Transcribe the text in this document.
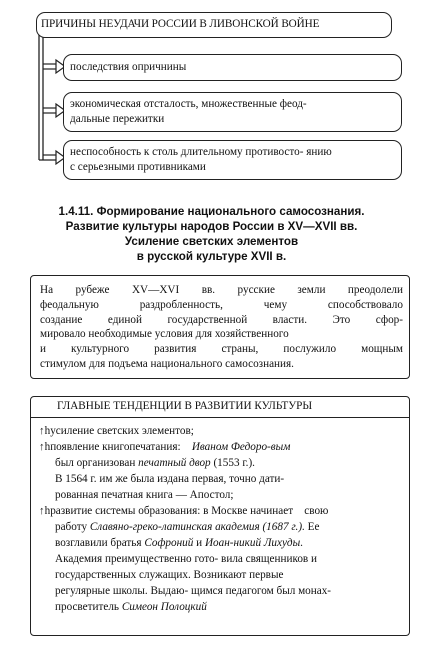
ПРИЧИНЫ НЕУДАЧИ РОССИИ В ЛИВОНСКОЙ ВОЙНЕ
последствия опричнины
экономическая отсталость, множественные феод-
дальные пережитки
неспособность к столь длительному противосто- янию
с серьезными противниками
1.4.11. Формирование национального самосознания.
Развитие культуры народов России в XV—XVII вв.
Усиление светских элементов
в русской культуре XVII в.
На рубеже XV—XVI вв. русские земли преодолели
феодальную раздробленность, чему способствовало
создание единой государственной власти. Это сфор-
мировало необходимые условия для хозяйственного
и культурного развития страны, послужило мощным
стимулом для подъема национального самосознания.
ГЛАВНЫЕ ТЕНДЕНЦИИ В РАЗВИТИИ КУЛЬТУРЫ
↑hусиление светских элементов;
↑hпоявление книгопечатания: Иваном Федоро-вым
был организован печатный двор (1553 г.).
В 1564 г. им же была издана первая, точно дати-
рованная печатная книга — Апостол;
↑hразвитие системы образования: в Москве начинает свою
работу Славяно-греко-латинская академия (1687 г.). Ее
возглавили братья Софроний и Иоан-никий Лихуды.
Академия преимущественно гото- вила священников и
государственных служащих. Возникают первые
регулярные школы. Выдаю- щимся педагогом был монах-
просветитель Симеон Полоцкий
